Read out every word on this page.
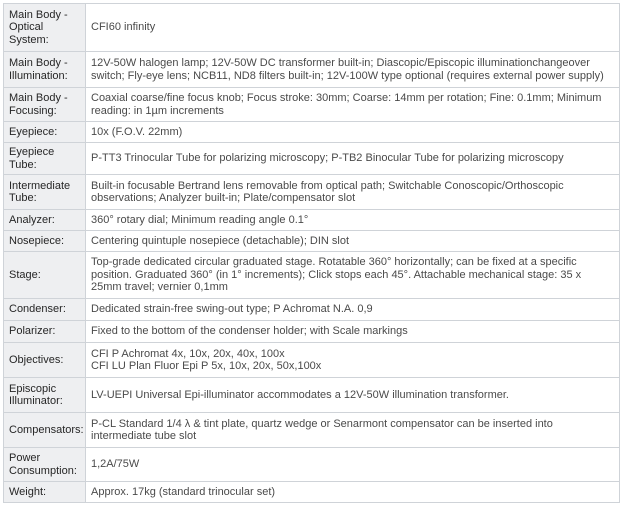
Main Body - Optical System:	CFI60 infinity
Main Body - Illumination:	12V-50W halogen lamp; 12V-50W DC transformer built-in; Diascopic/Episcopic illuminationchangeover switch; Fly-eye lens; NCB11, ND8 filters built-in; 12V-100W type optional (requires external power supply)
Main Body - Focusing:	Coaxial coarse/fine focus knob; Focus stroke: 30mm; Coarse: 14mm per rotation; Fine: 0.1mm; Minimum reading: in 1µm increments
Eyepiece:	10x (F.O.V. 22mm)
Eyepiece Tube:	P-TT3 Trinocular Tube for polarizing microscopy; P-TB2 Binocular Tube for polarizing microscopy
Intermediate Tube:	Built-in focusable Bertrand lens removable from optical path; Switchable Conoscopic/Orthoscopic observations; Analyzer built-in; Plate/compensator slot
Analyzer:	360° rotary dial; Minimum reading angle 0.1°
Nosepiece:	Centering quintuple nosepiece (detachable); DIN slot
Stage:	Top-grade dedicated circular graduated stage. Rotatable 360° horizontally; can be fixed at a specific position. Graduated 360° (in 1° increments); Click stops each 45°. Attachable mechanical stage: 35 x 25mm travel; vernier 0,1mm
Condenser:	Dedicated strain-free swing-out type; P Achromat N.A. 0,9
Polarizer:	Fixed to the bottom of the condenser holder; with Scale markings
Objectives:	CFI P Achromat 4x, 10x, 20x, 40x, 100x
CFI LU Plan Fluor Epi P 5x, 10x, 20x, 50x,100x
Episcopic Illuminator:	LV-UEPI Universal Epi-illuminator accommodates a 12V-50W illumination transformer.
Compensators:	P-CL Standard 1/4 λ & tint plate, quartz wedge or Senarmont compensator can be inserted into intermediate tube slot
Power Consumption:	1,2A/75W
Weight:	Approx. 17kg (standard trinocular set)
